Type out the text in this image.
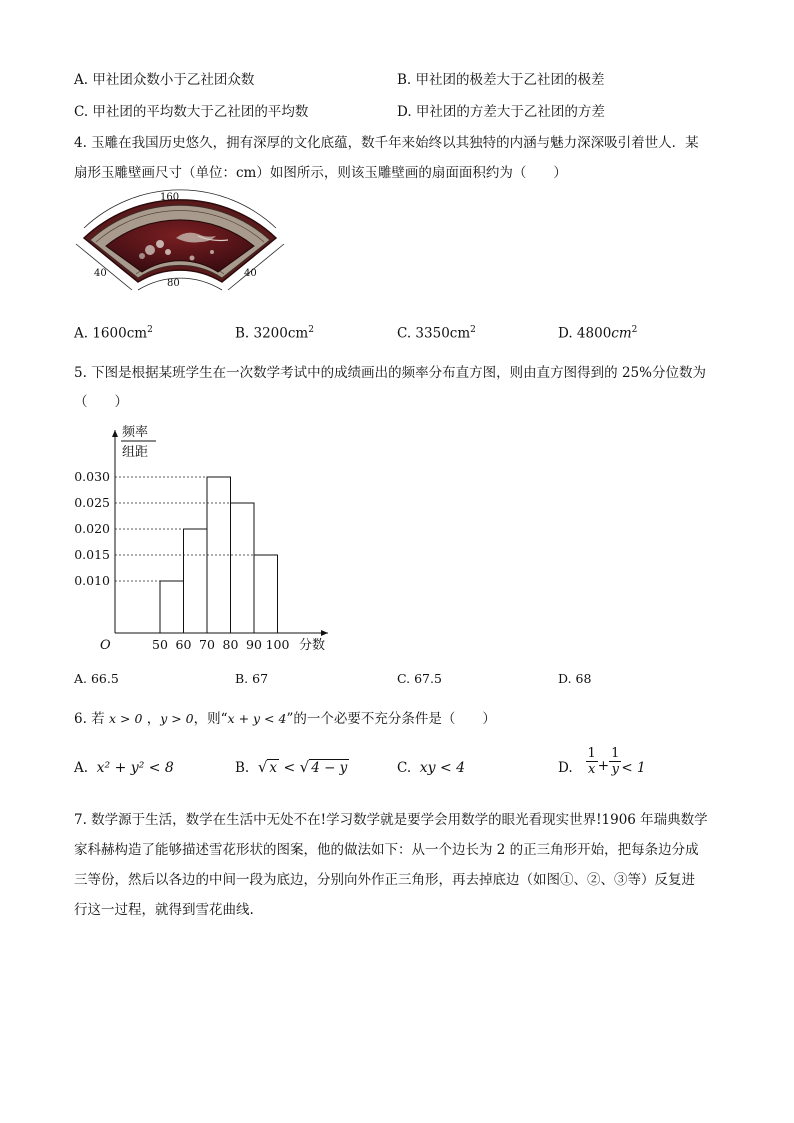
A. 甲社团众数小于乙社团众数	B. 甲社团的极差大于乙社团的极差
C. 甲社团的平均数大于乙社团的平均数	D. 甲社团的方差大于乙社团的方差
4. 玉雕在我国历史悠久，拥有深厚的文化底蕴，数千年来始终以其独特的内涵与魅力深深吸引着世人．某
扇形玉雕壁画尺寸（单位：cm）如图所示，则该玉雕壁画的扇面面积约为（　　）
160
80
40	40
A. $1600cm^2$	B. $3200cm^2$	C. $3350cm^2$	D. $4800cm^2$
5. 下图是根据某班学生在一次数学考试中的成绩画出的频率分布直方图，则由直方图得到的 25%分位数为
（　　）
频率
组距
O	分数
0.030
0.025
0.020
0.015
0.010
50 60 70 80 90 100
A. 66.5	B. 67	C. 67.5	D. 68
6. 若 x > 0 ，y > 0，则“x + y < 4”的一个必要不充分条件是（　　）
A. x² + y² < 8	B. √ x < √ 4 − y	C. xy < 4	D. $\frac{1}{x} + \frac{1}{y} < 1$
7. 数学源于生活，数学在生活中无处不在!学习数学就是要学会用数学的眼光看现实世界!1906 年瑞典数学
家科赫构造了能够描述雪花形状的图案，他的做法如下：从一个边长为 2 的正三角形开始，把每条边分成
三等份，然后以各边的中间一段为底边，分别向外作正三角形，再去掉底边（如图①、②、③等）反复进
行这一过程，就得到雪花曲线.
